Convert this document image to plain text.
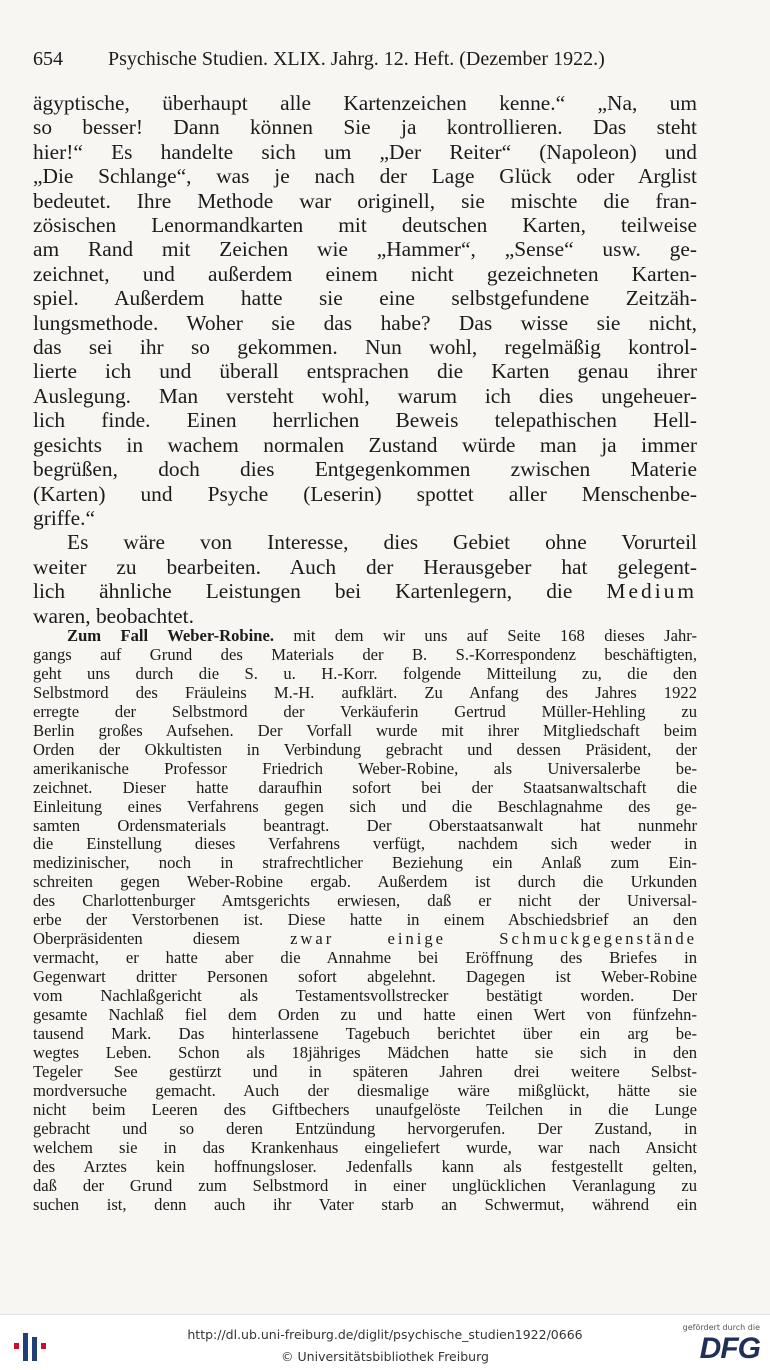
654 Psychische Studien. XLIX. Jahrg. 12. Heft. (Dezember 1922.)
ägyptische, überhaupt alle Kartenzeichen kenne.“ „Na, um
so besser! Dann können Sie ja kontrollieren. Das steht
hier!“ Es handelte sich um „Der Reiter“ (Napoleon) und
„Die Schlange“, was je nach der Lage Glück oder Arglist
bedeutet. Ihre Methode war originell, sie mischte die fran-
zösischen Lenormandkarten mit deutschen Karten, teilweise
am Rand mit Zeichen wie „Hammer“, „Sense“ usw. ge-
zeichnet, und außerdem einem nicht gezeichneten Karten-
spiel. Außerdem hatte sie eine selbstgefundene Zeitzäh-
lungsmethode. Woher sie das habe? Das wisse sie nicht,
das sei ihr so gekommen. Nun wohl, regelmäßig kontrol-
lierte ich und überall entsprachen die Karten genau ihrer
Auslegung. Man versteht wohl, warum ich dies ungeheuer-
lich finde. Einen herrlichen Beweis telepathischen Hell-
gesichts in wachem normalen Zustand würde man ja immer
begrüßen, doch dies Entgegenkommen zwischen Materie
(Karten) und Psyche (Leserin) spottet aller Menschenbe-
griffe.“
Es wäre von Interesse, dies Gebiet ohne Vorurteil
weiter zu bearbeiten. Auch der Herausgeber hat gelegent-
lich ähnliche Leistungen bei Kartenlegern, die Medium
waren, beobachtet.
Zum Fall Weber-Robine. mit dem wir uns auf Seite 168 dieses Jahr-
gangs auf Grund des Materials der B. S.-Korrespondenz beschäftigten,
geht uns durch die S. u. H.-Korr. folgende Mitteilung zu, die den
Selbstmord des Fräuleins M.-H. aufklärt. Zu Anfang des Jahres 1922
erregte der Selbstmord der Verkäuferin Gertrud Müller-Hehling zu
Berlin großes Aufsehen. Der Vorfall wurde mit ihrer Mitgliedschaft beim
Orden der Okkultisten in Verbindung gebracht und dessen Präsident, der
amerikanische Professor Friedrich Weber-Robine, als Universalerbe be-
zeichnet. Dieser hatte daraufhin sofort bei der Staatsanwaltschaft die
Einleitung eines Verfahrens gegen sich und die Beschlagnahme des ge-
samten Ordensmaterials beantragt. Der Oberstaatsanwalt hat nunmehr
die Einstellung dieses Verfahrens verfügt, nachdem sich weder in
medizinischer, noch in strafrechtlicher Beziehung ein Anlaß zum Ein-
schreiten gegen Weber-Robine ergab. Außerdem ist durch die Urkunden
des Charlottenburger Amtsgerichts erwiesen, daß er nicht der Universal-
erbe der Verstorbenen ist. Diese hatte in einem Abschiedsbrief an den
Oberpräsidenten diesem	zwar einige Schmuckgegenstände
vermacht, er hatte aber die Annahme bei Eröffnung des Briefes in
Gegenwart dritter Personen sofort abgelehnt. Dagegen ist Weber-Robine
vom Nachlaßgericht als Testamentsvollstrecker bestätigt worden. Der
gesamte Nachlaß fiel dem Orden zu und hatte einen Wert von fünfzehn-
tausend Mark. Das hinterlassene Tagebuch berichtet über ein arg be-
wegtes Leben. Schon als 18jähriges Mädchen hatte sie sich in den
Tegeler See gestürzt und in späteren Jahren drei weitere Selbst-
mordversuche gemacht. Auch der diesmalige wäre mißglückt, hätte sie
nicht beim Leeren des Giftbechers unaufgelöste Teilchen in die Lunge
gebracht und so deren Entzündung hervorgerufen. Der Zustand, in
welchem sie in das Krankenhaus eingeliefert wurde, war nach Ansicht
des Arztes kein hoffnungsloser. Jedenfalls kann als festgestellt gelten,
daß der Grund zum Selbstmord in einer unglücklichen Veranlagung zu
suchen ist, denn auch ihr Vater starb an Schwermut, während ein
http://dl.ub.uni-freiburg.de/diglit/psychische_studien1922/0666
© Universitätsbibliothek Freiburg
gefördert durch die
DFG
